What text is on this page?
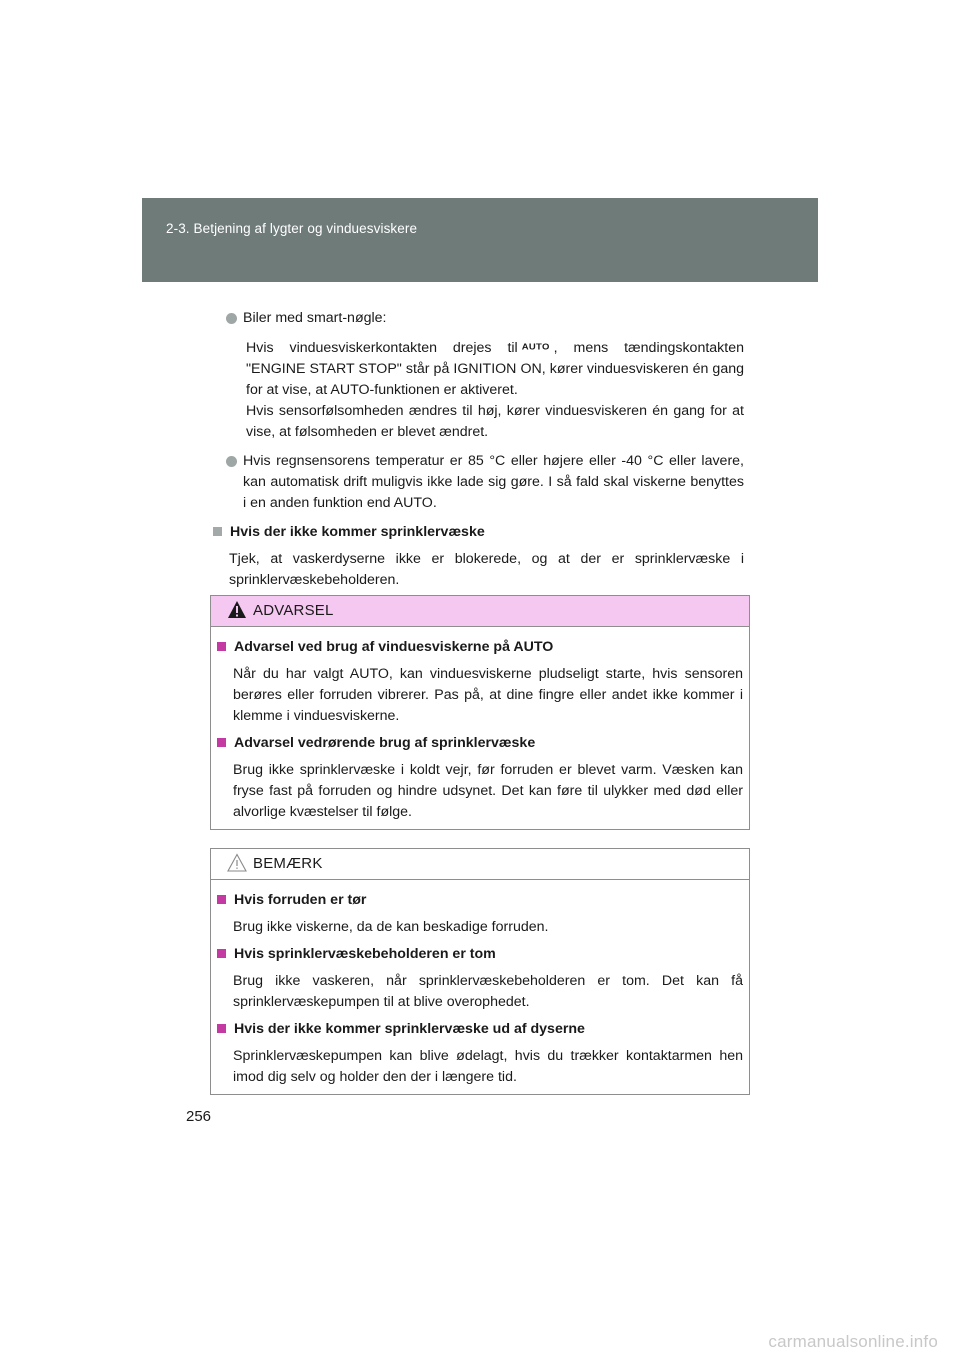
2-3. Betjening af lygter og vinduesviskere
Biler med smart-nøgle:
Hvis vinduesviskerkontakten drejes til AUTO , mens tændingskontakten "ENGINE START STOP" står på IGNITION ON, kører vinduesviskeren én gang for at vise, at AUTO-funktionen er aktiveret.
Hvis sensorfølsomheden ændres til høj, kører vinduesviskeren én gang for at vise, at følsomheden er blevet ændret.
Hvis regnsensorens temperatur er 85 °C eller højere eller -40 °C eller lavere, kan automatisk drift muligvis ikke lade sig gøre. I så fald skal viskerne benyttes i en anden funktion end AUTO.
Hvis der ikke kommer sprinklervæske
Tjek, at vaskerdyserne ikke er blokerede, og at der er sprinklervæske i sprinklervæskebeholderen.
ADVARSEL
Advarsel ved brug af vinduesviskerne på AUTO
Når du har valgt AUTO, kan vinduesviskerne pludseligt starte, hvis sensoren berøres eller forruden vibrerer. Pas på, at dine fingre eller andet ikke kommer i klemme i vinduesviskerne.
Advarsel vedrørende brug af sprinklervæske
Brug ikke sprinklervæske i koldt vejr, før forruden er blevet varm. Væsken kan fryse fast på forruden og hindre udsynet. Det kan føre til ulykker med død eller alvorlige kvæstelser til følge.
BEMÆRK
Hvis forruden er tør
Brug ikke viskerne, da de kan beskadige forruden.
Hvis sprinklervæskebeholderen er tom
Brug ikke vaskeren, når sprinklervæskebeholderen er tom. Det kan få sprinklervæskepumpen til at blive overophedet.
Hvis der ikke kommer sprinklervæske ud af dyserne
Sprinklervæskepumpen kan blive ødelagt, hvis du trækker kontaktarmen hen imod dig selv og holder den der i længere tid.
256
carmanualsonline.info
